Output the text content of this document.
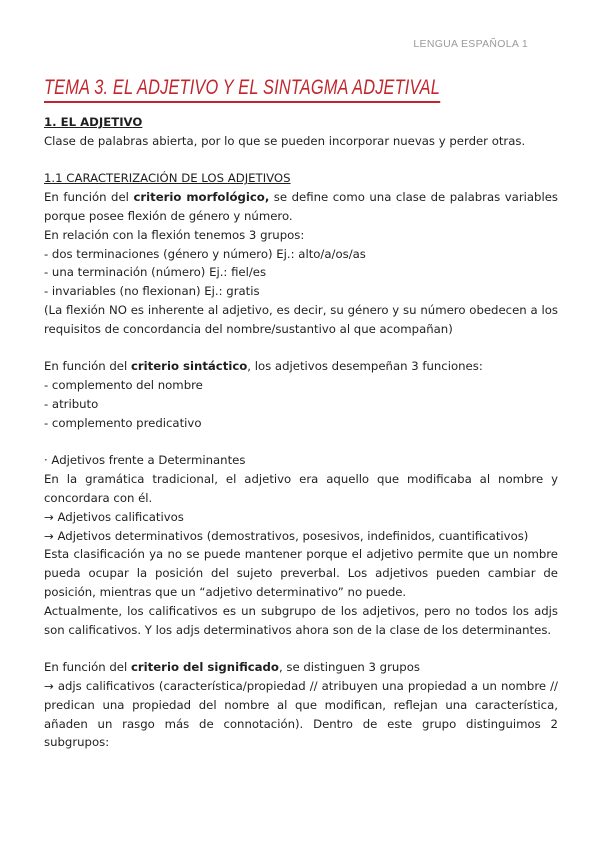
LENGUA ESPAÑOLA 1
TEMA 3. EL ADJETIVO Y EL SINTAGMA ADJETIVAL

1. EL ADJETIVO

Clase de palabras abierta, por lo que se pueden incorporar nuevas y perder otras.

1.1 CARACTERIZACIÓN DE LOS ADJETIVOS

En función del criterio morfológico, se define como una clase de palabras variables porque posee flexión de género y número.

En relación con la flexión tenemos 3 grupos:

- dos terminaciones (género y número) Ej.: alto/a/os/as

- una terminación (número) Ej.: fiel/es

- invariables (no flexionan) Ej.: gratis

(La flexión NO es inherente al adjetivo, es decir, su género y su número obedecen a los requisitos de concordancia del nombre/sustantivo al que acompañan)

En función del criterio sintáctico, los adjetivos desempeñan 3 funciones:

- complemento del nombre

- atributo

- complemento predicativo

· Adjetivos frente a Determinantes

En la gramática tradicional, el adjetivo era aquello que modificaba al nombre y concordara con él.

→ Adjetivos calificativos

→ Adjetivos determinativos (demostrativos, posesivos, indefinidos, cuantificativos)

Esta clasificación ya no se puede mantener porque el adjetivo permite que un nombre pueda ocupar la posición del sujeto preverbal. Los adjetivos pueden cambiar de posición, mientras que un “adjetivo determinativo” no puede.

Actualmente, los calificativos es un subgrupo de los adjetivos, pero no todos los adjs son calificativos. Y los adjs determinativos ahora son de la clase de los determinantes.

En función del criterio del significado, se distinguen 3 grupos

→ adjs calificativos (característica/propiedad // atribuyen una propiedad a un nombre // predican una propiedad del nombre al que modifican, reflejan una característica, añaden un rasgo más de connotación). Dentro de este grupo distinguimos 2 subgrupos:
